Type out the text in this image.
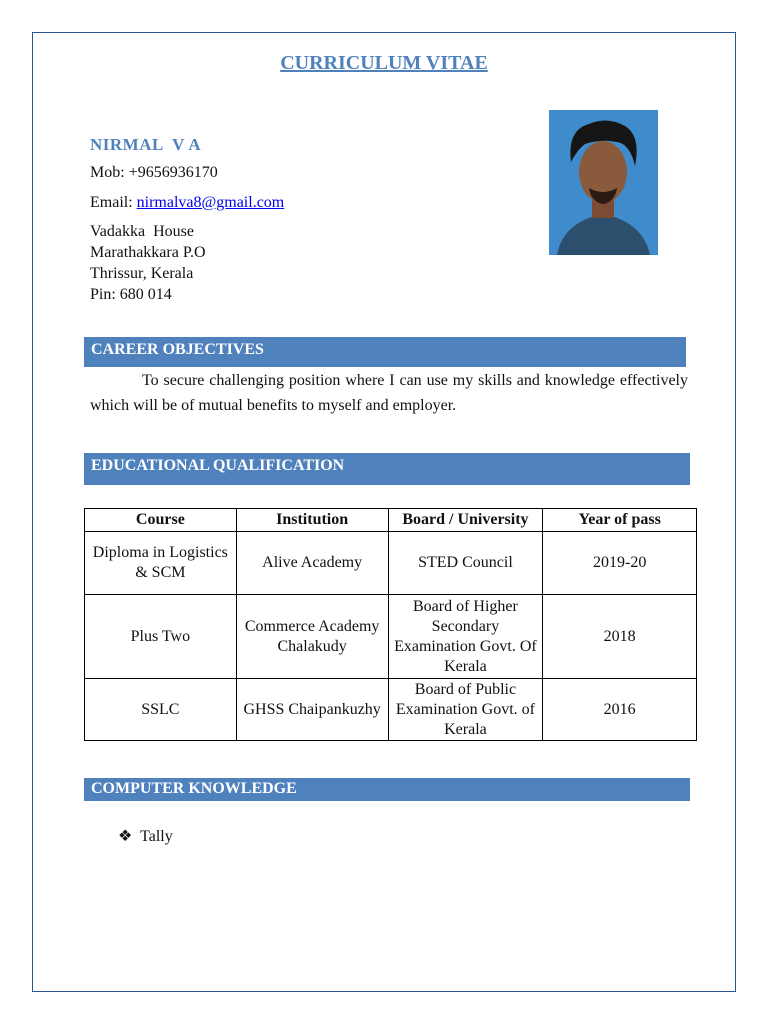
CURRICULUM VITAE
NIRMAL  V A
Mob: +9656936170
Email: nirmalva8@gmail.com
Vadakka  House
Marathakkara P.O
Thrissur, Kerala
Pin: 680 014
CAREER OBJECTIVES
To secure challenging position where I can use my skills and knowledge effectively which will be of mutual benefits to myself and employer.
EDUCATIONAL QUALIFICATION
Course	Institution	Board / University	Year of pass
Diploma in Logistics & SCM	Alive Academy	STED Council	2019-20
Plus Two	Commerce Academy Chalakudy	Board of Higher Secondary Examination Govt. Of Kerala	2018
SSLC	GHSS Chaipankuzhy	Board of Public Examination Govt. of Kerala	2016
COMPUTER KNOWLEDGE
❖ Tally
